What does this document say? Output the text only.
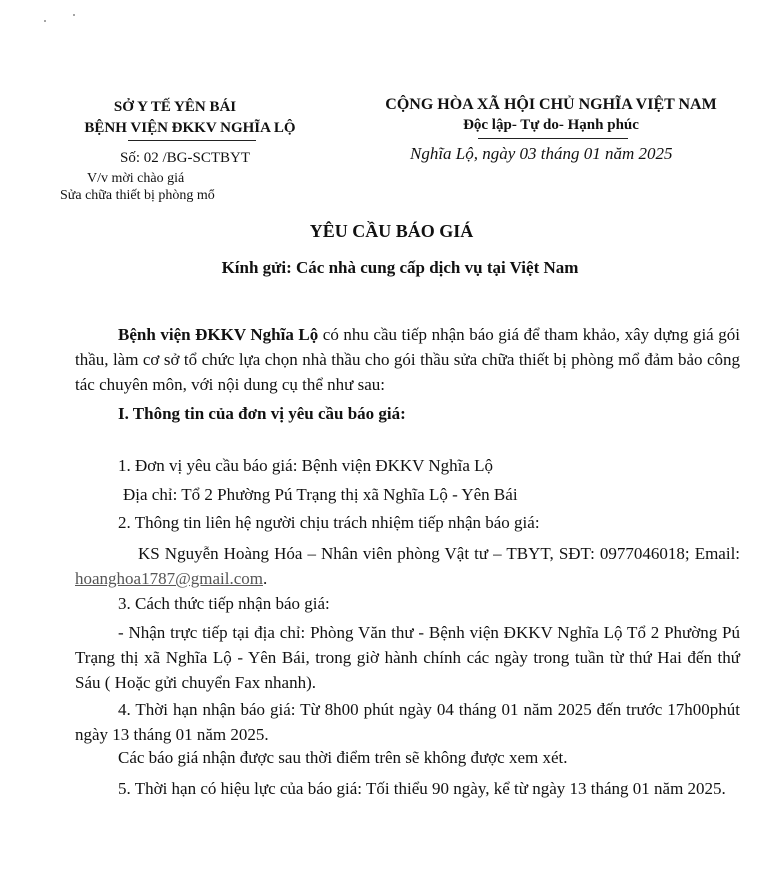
SỞ Y TẾ YÊN BÁI
BỆNH VIỆN ĐKKV NGHĨA LỘ
Số: 02 /BG-SCTBYT
V/v mời chào giá
Sửa chữa thiết bị phòng mổ
CỘNG HÒA XÃ HỘI CHỦ NGHĨA VIỆT NAM
Độc lập- Tự do- Hạnh phúc
Nghĩa Lộ, ngày 03 tháng 01 năm 2025
YÊU CẦU BÁO GIÁ
Kính gửi: Các nhà cung cấp dịch vụ tại Việt Nam
Bệnh viện ĐKKV Nghĩa Lộ có nhu cầu tiếp nhận báo giá để tham khảo, xây dựng giá gói thầu, làm cơ sở tổ chức lựa chọn nhà thầu cho gói thầu sửa chữa thiết bị phòng mổ đảm bảo công tác chuyên môn, với nội dung cụ thể như sau:
I. Thông tin của đơn vị yêu cầu báo giá:
1. Đơn vị yêu cầu báo giá: Bệnh viện ĐKKV Nghĩa Lộ
Địa chỉ: Tổ 2 Phường Pú Trạng thị xã Nghĩa Lộ - Yên Bái
2. Thông tin liên hệ người chịu trách nhiệm tiếp nhận báo giá:
KS Nguyễn Hoàng Hóa – Nhân viên phòng Vật tư – TBYT, SĐT: 0977046018; Email: hoanghoa1787@gmail.com.
3. Cách thức tiếp nhận báo giá:
- Nhận trực tiếp tại địa chỉ: Phòng Văn thư - Bệnh viện ĐKKV Nghĩa Lộ Tổ 2 Phường Pú Trạng thị xã Nghĩa Lộ - Yên Bái, trong giờ hành chính các ngày trong tuần từ thứ Hai đến thứ Sáu ( Hoặc gửi chuyển Fax nhanh).
4. Thời hạn nhận báo giá: Từ 8h00 phút ngày 04 tháng 01 năm 2025 đến trước 17h00phút ngày 13 tháng 01 năm 2025.
Các báo giá nhận được sau thời điểm trên sẽ không được xem xét.
5. Thời hạn có hiệu lực của báo giá: Tối thiểu 90 ngày, kể từ ngày 13 tháng 01 năm 2025.
